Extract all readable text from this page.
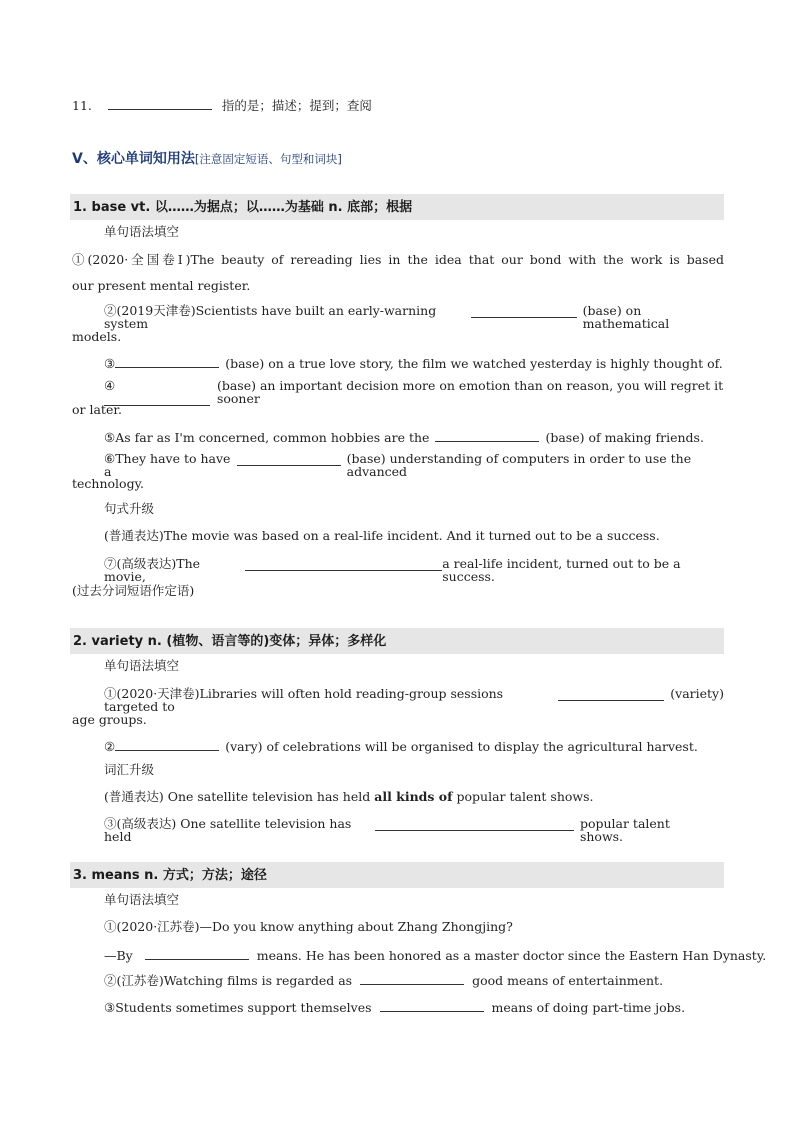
11.	指的是；描述；提到；查阅
V、核心单词知用法[注意固定短语、句型和词块]
1. base vt. 以……为据点；以……为基础 n. 底部；根据
单句语法填空
①(2020·全国卷Ⅰ)The beauty of rereading lies in the idea that our bond with the work is based
our present mental register.
②(2019天津卷)Scientists have built an early-warning system
(base) on mathematical
models.
③	(base) on a true love story, the film we watched yesterday is highly thought of.
④	(base) an important decision more on emotion than on reason, you will regret it sooner
or later.
⑤As far as I'm concerned, common hobbies are the	(base) of making friends.
⑥They have to have a
(base) understanding of computers in order to use the advanced
technology.
句式升级
(普通表达)The movie was based on a real-life incident. And it turned out to be a success.
⑦(高级表达)The movie,
a real-life incident, turned out to be a success.
(过去分词短语作定语)
2. variety n. (植物、语言等的)变体；异体；多样化
单句语法填空
①(2020·天津卷)Libraries will often hold reading-group sessions targeted to
(variety)
age groups.
②	(vary) of celebrations will be organised to display the agricultural harvest.
词汇升级
(普通表达) One satellite television has held all kinds of popular talent shows.
③(高级表达) One satellite television has held
popular talent shows.
3. means n. 方式；方法；途径
单句语法填空
①(2020·江苏卷)—Do you know anything about Zhang Zhongjing?
—By	means. He has been honored as a master doctor since the Eastern Han Dynasty.
②(江苏卷)Watching films is regarded as	good means of entertainment.
③Students sometimes support themselves	means of doing part-time jobs.
